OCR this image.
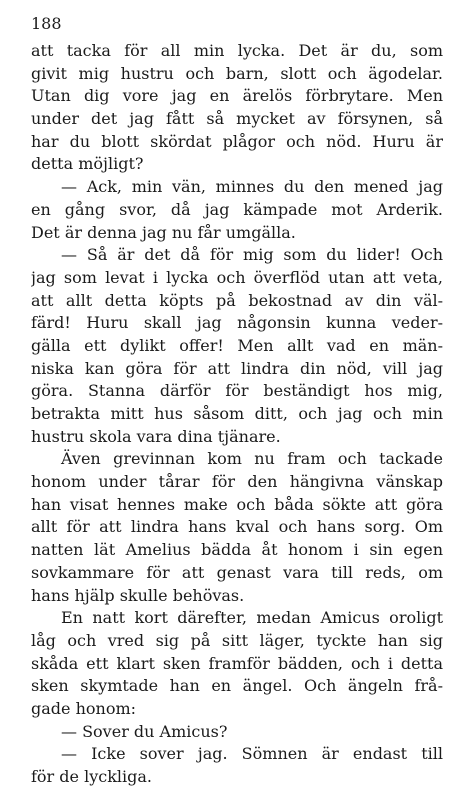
188
att tacka för all min lycka. Det är du, som
givit mig hustru och barn, slott och ägodelar.
Utan dig vore jag en ärelös förbrytare. Men
under det jag fått så mycket av försynen, så
har du blott skördat plågor och nöd. Huru är
detta möjligt?
— Ack, min vän, minnes du den mened jag
en gång svor, då jag kämpade mot Arderik.
Det är denna jag nu får umgälla.
— Så är det då för mig som du lider! Och
jag som levat i lycka och överflöd utan att veta,
att allt detta köpts på bekostnad av din väl-
färd! Huru skall jag någonsin kunna veder-
gälla ett dylikt offer! Men allt vad en män-
niska kan göra för att lindra din nöd, vill jag
göra. Stanna därför för beständigt hos mig,
betrakta mitt hus såsom ditt, och jag och min
hustru skola vara dina tjänare.
Även grevinnan kom nu fram och tackade
honom under tårar för den hängivna vänskap
han visat hennes make och båda sökte att göra
allt för att lindra hans kval och hans sorg. Om
natten lät Amelius bädda åt honom i sin egen
sovkammare för att genast vara till reds, om
hans hjälp skulle behövas.
En natt kort därefter, medan Amicus oroligt
låg och vred sig på sitt läger, tyckte han sig
skåda ett klart sken framför bädden, och i detta
sken skymtade han en ängel. Och ängeln frå-
gade honom:
— Sover du Amicus?
— Icke sover jag. Sömnen är endast till
för de lyckliga.
